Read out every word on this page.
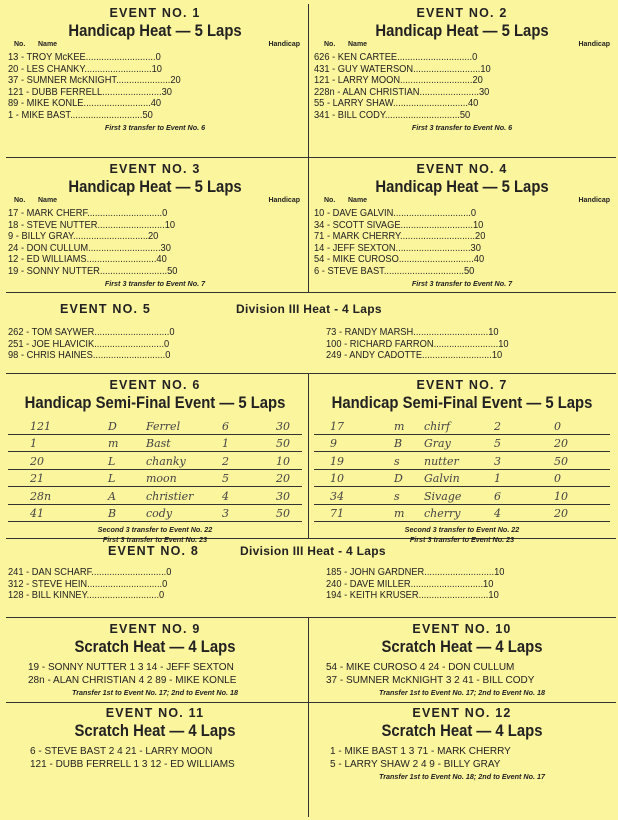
EVENT NO. 1
Handicap Heat — 5 Laps
No. Name	Handicap
13 - TROY McKEE...........................0
20 - LES CHANKY..........................10
37 - SUMNER McKNIGHT.....................20
121 - DUBB FERRELL.......................30
89 - MIKE KONLE..........................40
1 - MIKE BAST............................50
First 3 transfer to Event No. 6
EVENT NO. 2
Handicap Heat — 5 Laps
No. Name	Handicap
626 - KEN CARTEE.............................0
431 - GUY WATERSON..........................10
121 - LARRY MOON............................20
228n - ALAN CHRISTIAN.......................30
55 - LARRY SHAW.............................40
341 - BILL CODY.............................50
First 3 transfer to Event No. 6
EVENT NO. 3
Handicap Heat — 5 Laps
No. Name	Handicap
17 - MARK CHERF.............................0
18 - STEVE NUTTER..........................10
9 - BILLY GRAY.............................20
24 - DON CULLUM............................30
12 - ED WILLIAMS...........................40
19 - SONNY NUTTER..........................50
First 3 transfer to Event No. 7
EVENT NO. 4
Handicap Heat — 5 Laps
No. Name	Handicap
10 - DAVE GALVIN..............................0
34 - SCOTT SIVAGE............................10
71 - MARK CHERRY.............................20
14 - JEFF SEXTON.............................30
54 - MIKE CUROSO.............................40
6 - STEVE BAST...............................50
First 3 transfer to Event No. 7
EVENT NO. 5	Division III Heat - 4 Laps
262 - TOM SAYWER.............................0
251 - JOE HLAVICIK...........................0
98 - CHRIS HAINES............................0
73 - RANDY MARSH.............................10
100 - RICHARD FARRON.........................10
249 - ANDY CADOTTE...........................10
EVENT NO. 6
Handicap Semi-Final Event — 5 Laps
121	D	Ferrel	6	30
1	m	Bast	1	50
20	L	chanky	2	10
21	L	moon	5	20
28n	A	christier	4	30
41	B	cody	3	50
Second 3 transfer to Event No. 22
First 3 transfer to Event No. 23
EVENT NO. 7
Handicap Semi-Final Event — 5 Laps
17	m chirf	2	0
9	B Gray	5	20
19	s nutter	3	50
10	D Galvin	1	0
34	s Sivage	6	10
71	m cherry	4	20
Second 3 transfer to Event No. 22
First 3 transfer to Event No. 23
EVENT NO. 8	Division III Heat - 4 Laps
241 - DAN SCHARF.............................0
312 - STEVE HEIN.............................0
128 - BILL KINNEY............................0
185 - JOHN GARDNER...........................10
240 - DAVE MILLER............................10
194 - KEITH KRUSER...........................10
EVENT NO. 9
Scratch Heat — 4 Laps
19 - SONNY NUTTER 1 3 14 - JEFF SEXTON
28n - ALAN CHRISTIAN 4 2 89 - MIKE KONLE
Transfer 1st to Event No. 17; 2nd to Event No. 18
EVENT NO. 10
Scratch Heat — 4 Laps
54 - MIKE CUROSO 4 24 - DON CULLUM
37 - SUMNER McKNIGHT 3 2 41 - BILL CODY
Transfer 1st to Event No. 17; 2nd to Event No. 18
EVENT NO. 11
Scratch Heat — 4 Laps
6 - STEVE BAST 2 4 21 - LARRY MOON
121 - DUBB FERRELL 1 3 12 - ED WILLIAMS
EVENT NO. 12
Scratch Heat — 4 Laps
1 - MIKE BAST 1 3 71 - MARK CHERRY
5 - LARRY SHAW 2 4 9 - BILLY GRAY
Transfer 1st to Event No. 18; 2nd to Event No. 17
